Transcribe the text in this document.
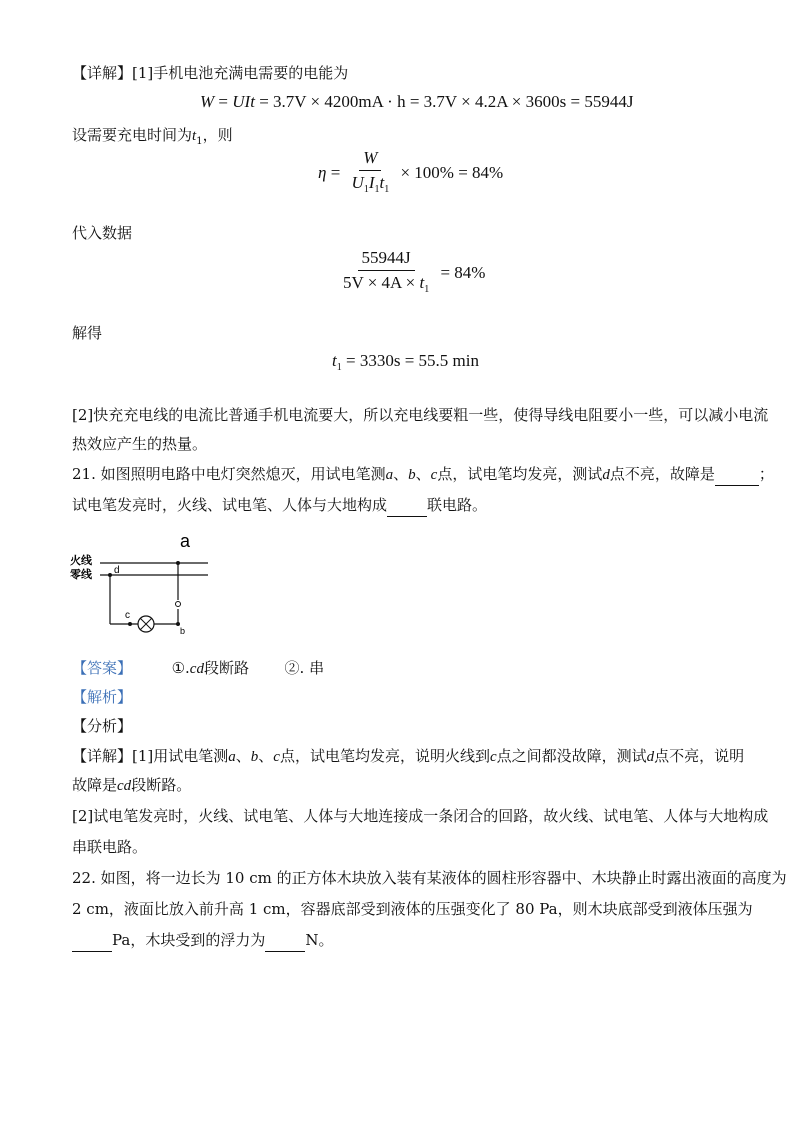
【详解】[1]手机电池充满电需要的电能为
W = UIt = 3.7V × 4200mA · h = 3.7V × 4.2A × 3600s = 55944J
设需要充电时间为$t_1$，则
$\eta = \frac{W}{U_1I_1t_1} \times 100\% = 84\%$
代入数据
$\frac{55944J}{5V \times 4A \times t_1} = 84\%$
解得
$t_1 = 3330s = 55.5$ min
[2]快充充电线的电流比普通手机电流要大，所以充电线要粗一些，使得导线电阻要小一些，可以减小电流
热效应产生的热量。
21. 如图照明电路中电灯突然熄灭，用试电笔测a、b、c点，试电笔均发亮，测试d点不亮，故障是	；
试电笔发亮时，火线、试电笔、人体与大地构成	联电路。
a
火线
零线 d
c
b
【答案】	①.cd段断路 ②. 串
【解析】
【分析】
【详解】[1]用试电笔测a、b、c点，试电笔均发亮，说明火线到c点之间都没故障，测试d点不亮，说明
故障是cd段断路。
[2]试电笔发亮时，火线、试电笔、人体与大地连接成一条闭合的回路，故火线、试电笔、人体与大地构成
串联电路。
22. 如图，将一边长为 10 cm 的正方体木块放入装有某液体的圆柱形容器中、木块静止时露出液面的高度为
2 cm，液面比放入前升高 1 cm，容器底部受到液体的压强变化了 80 Pa，则木块底部受到液体压强为
Pa，木块受到的浮力为	N。
